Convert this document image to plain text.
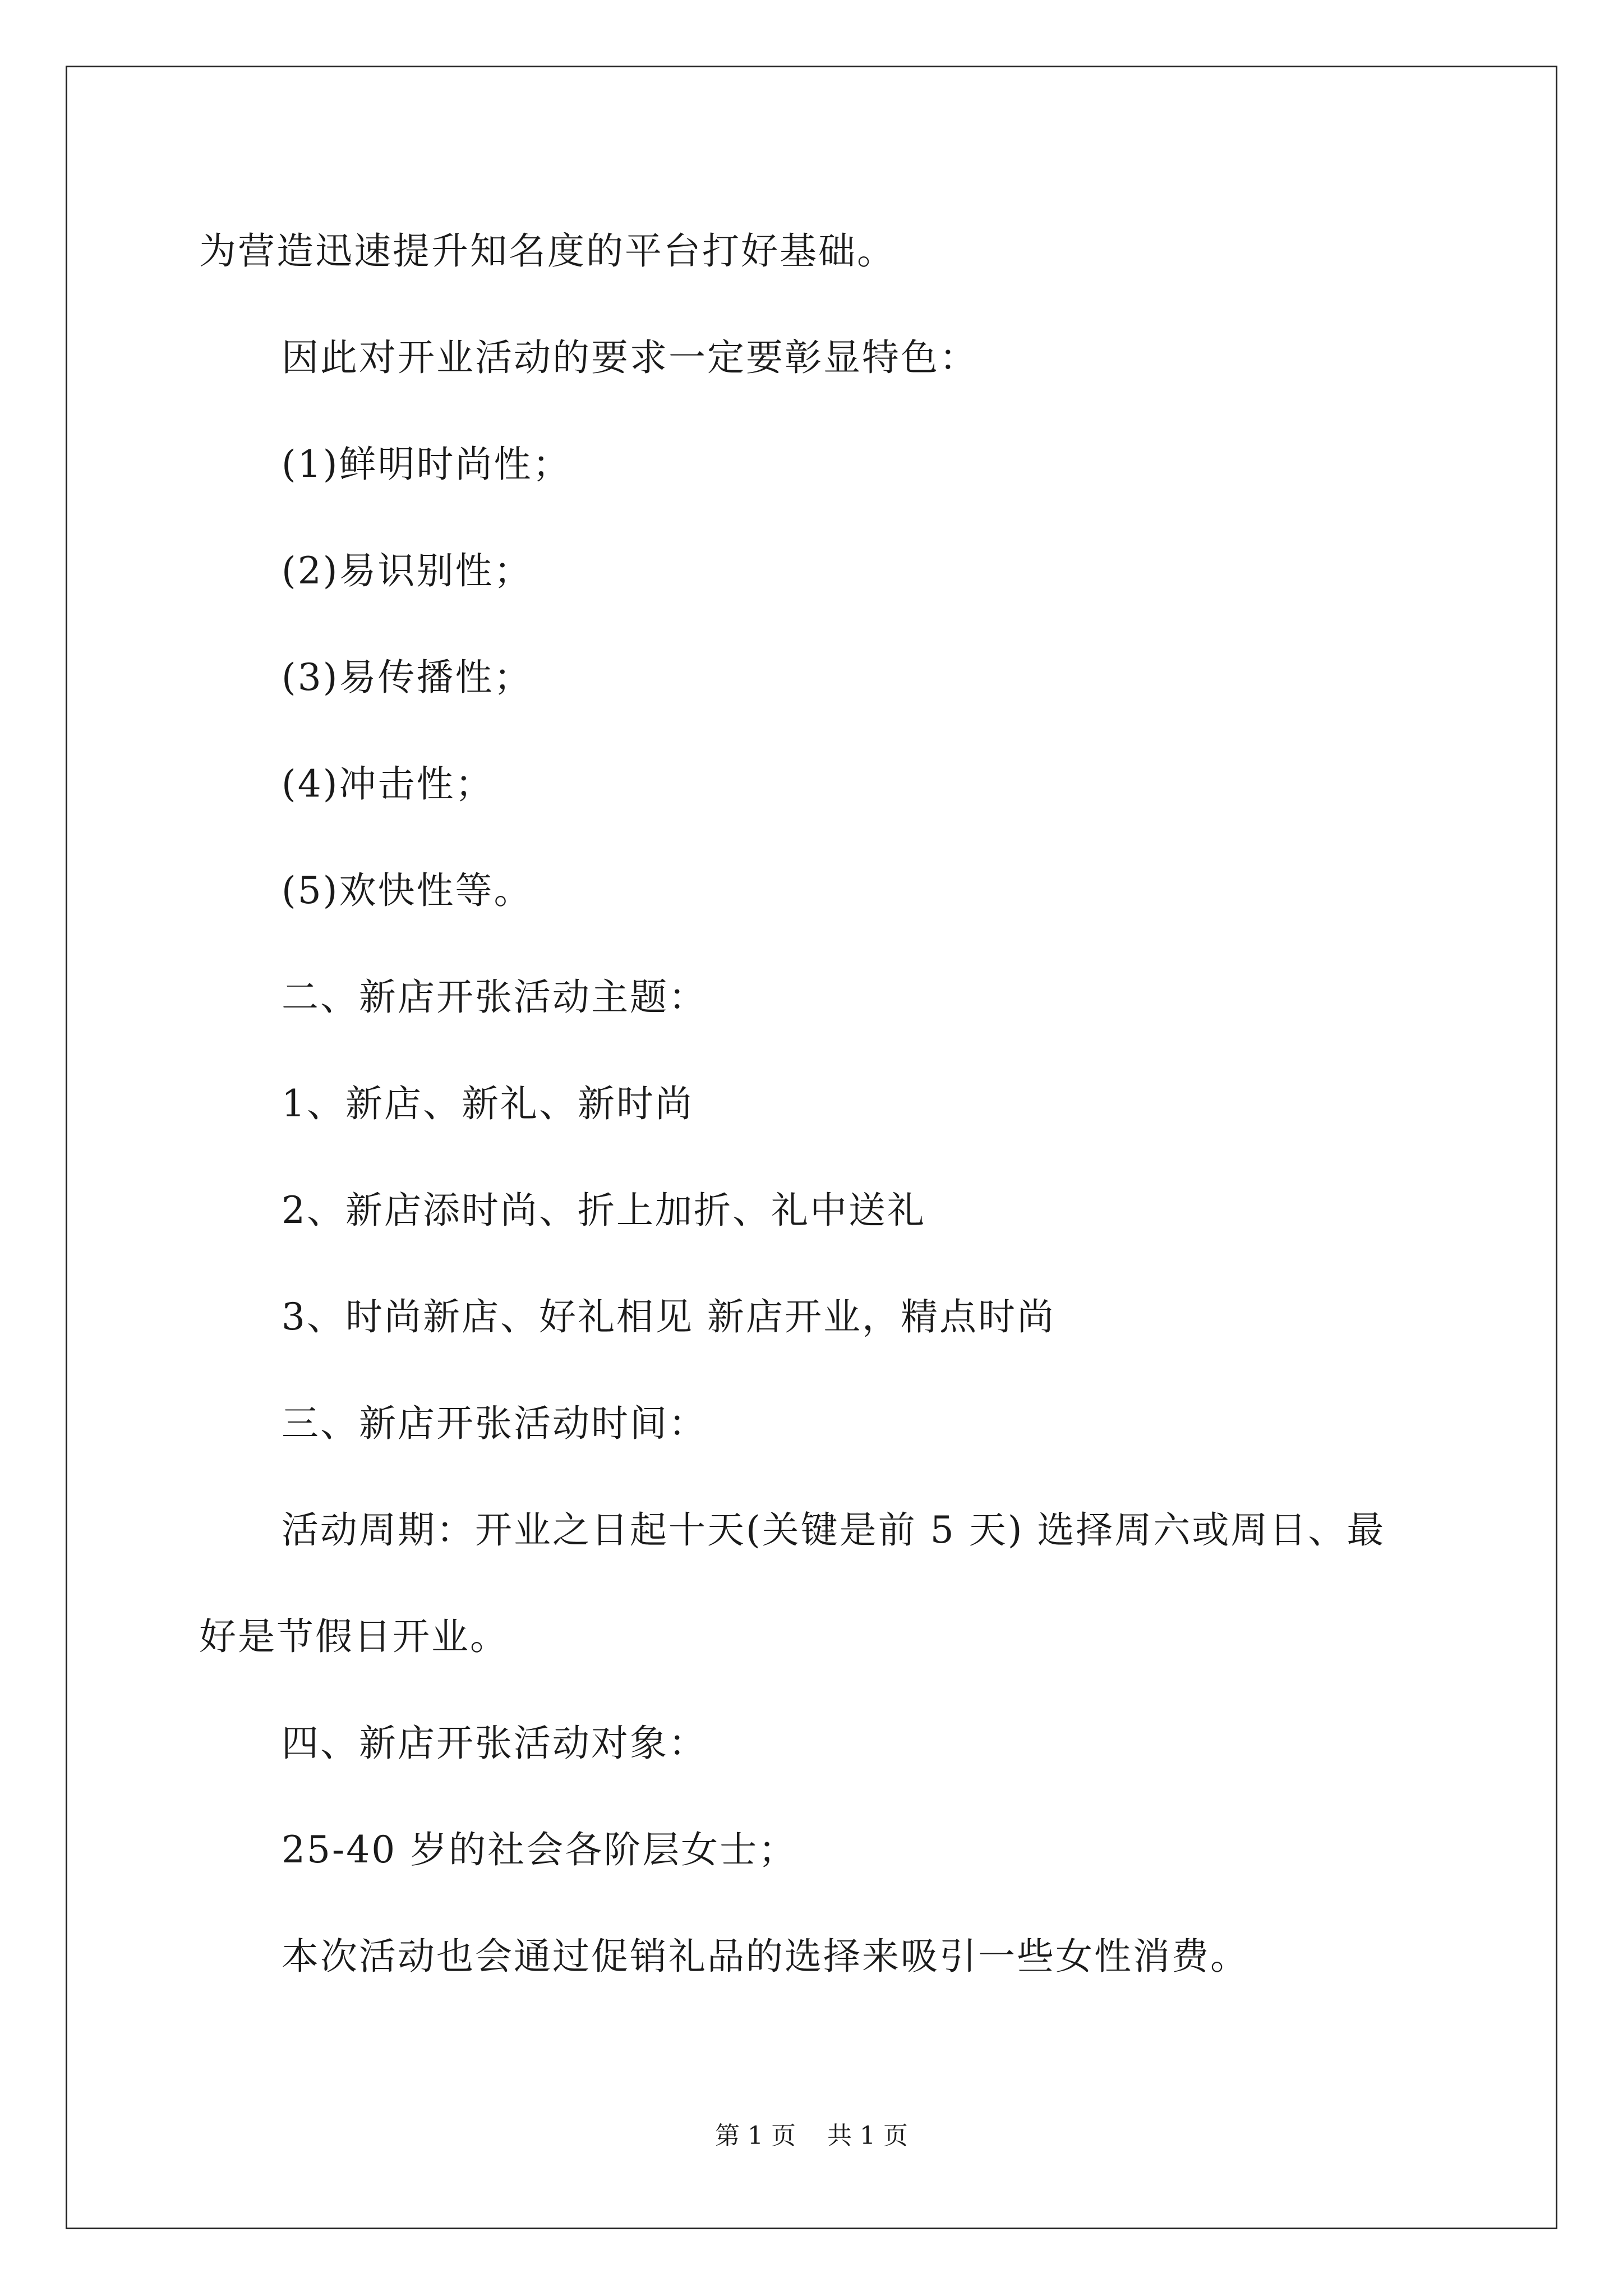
为营造迅速提升知名度的平台打好基础。
因此对开业活动的要求一定要彰显特色：
(1)鲜明时尚性；
(2)易识别性；
(3)易传播性；
(4)冲击性；
(5)欢快性等。
二、新店开张活动主题：
1、新店、新礼、新时尚
2、新店添时尚、折上加折、礼中送礼
3、时尚新店、好礼相见 新店开业，精点时尚
三、新店开张活动时间：
活动周期：开业之日起十天(关键是前 5 天) 选择周六或周日、最
好是节假日开业。
四、新店开张活动对象：
25-40 岁的社会各阶层女士；
本次活动也会通过促销礼品的选择来吸引一些女性消费。
第 1 页    共 1 页
